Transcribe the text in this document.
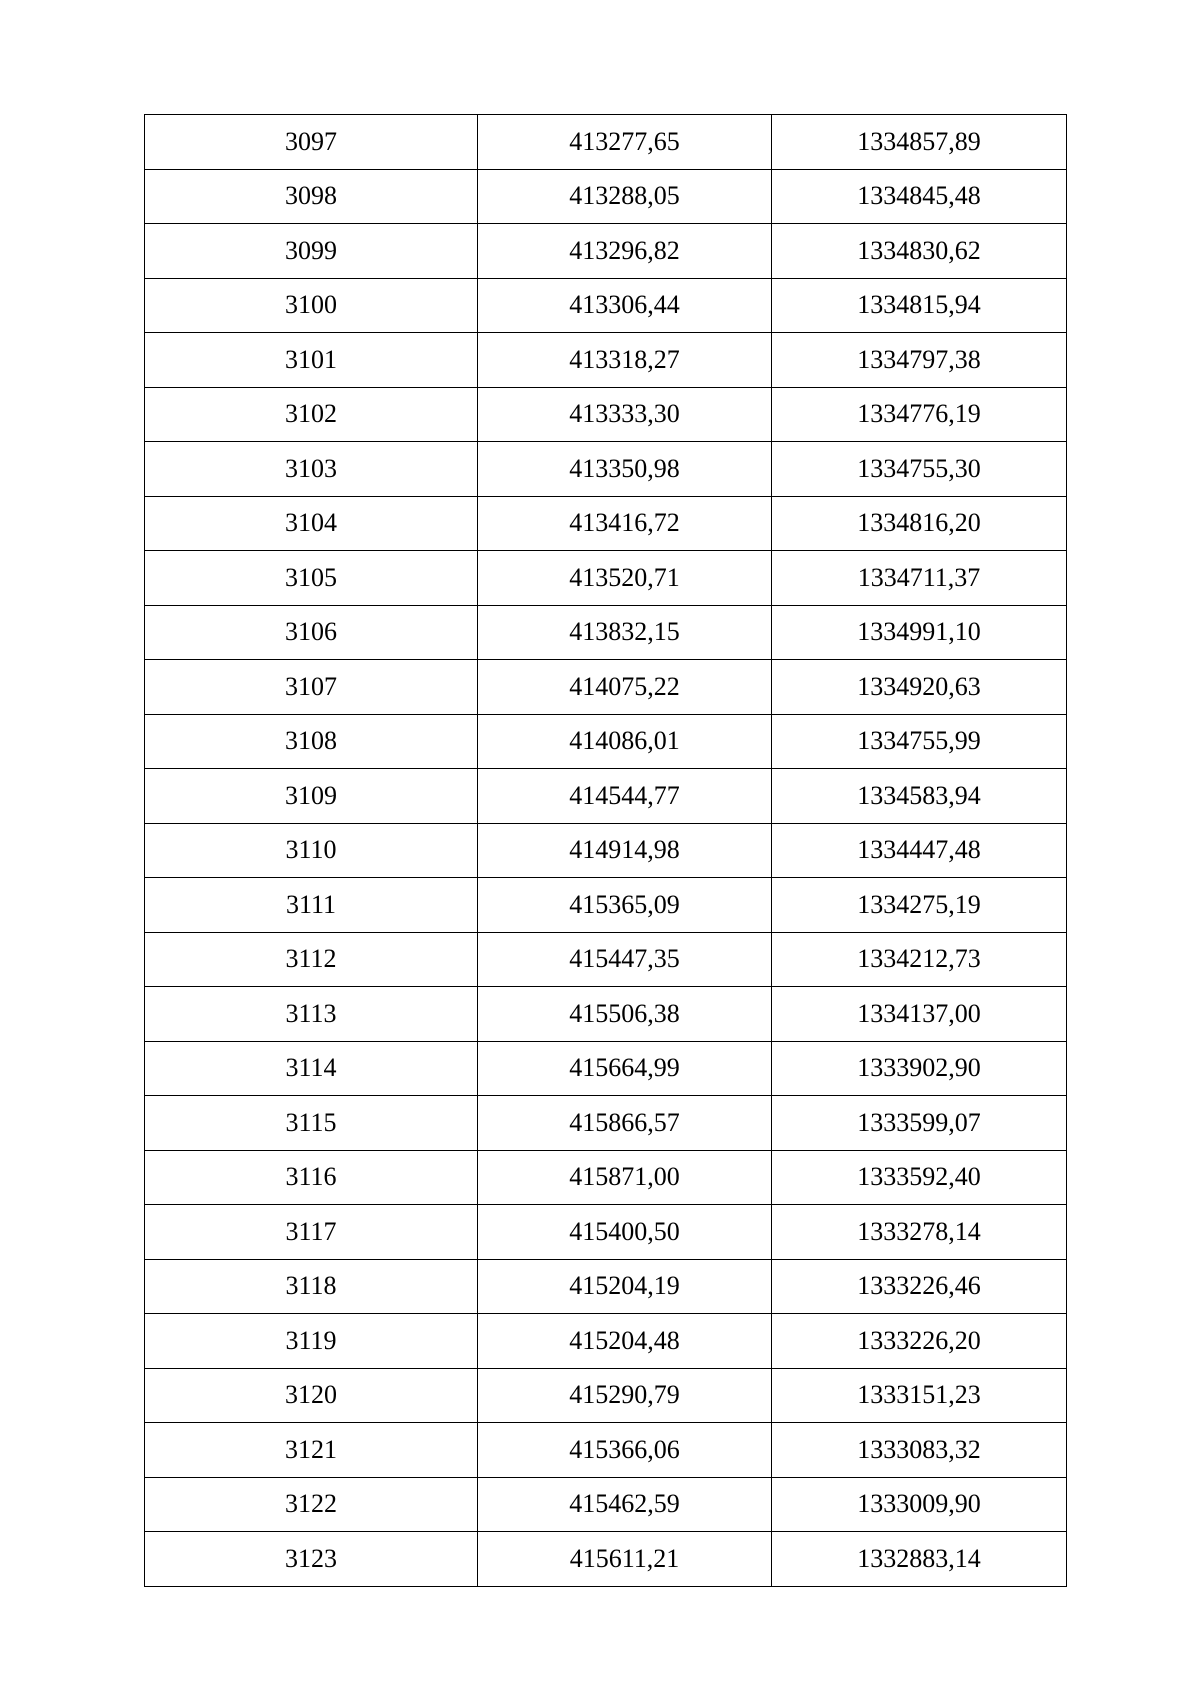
3097	413277,65	1334857,89
3098	413288,05	1334845,48
3099	413296,82	1334830,62
3100	413306,44	1334815,94
3101	413318,27	1334797,38
3102	413333,30	1334776,19
3103	413350,98	1334755,30
3104	413416,72	1334816,20
3105	413520,71	1334711,37
3106	413832,15	1334991,10
3107	414075,22	1334920,63
3108	414086,01	1334755,99
3109	414544,77	1334583,94
3110	414914,98	1334447,48
3111	415365,09	1334275,19
3112	415447,35	1334212,73
3113	415506,38	1334137,00
3114	415664,99	1333902,90
3115	415866,57	1333599,07
3116	415871,00	1333592,40
3117	415400,50	1333278,14
3118	415204,19	1333226,46
3119	415204,48	1333226,20
3120	415290,79	1333151,23
3121	415366,06	1333083,32
3122	415462,59	1333009,90
3123	415611,21	1332883,14
